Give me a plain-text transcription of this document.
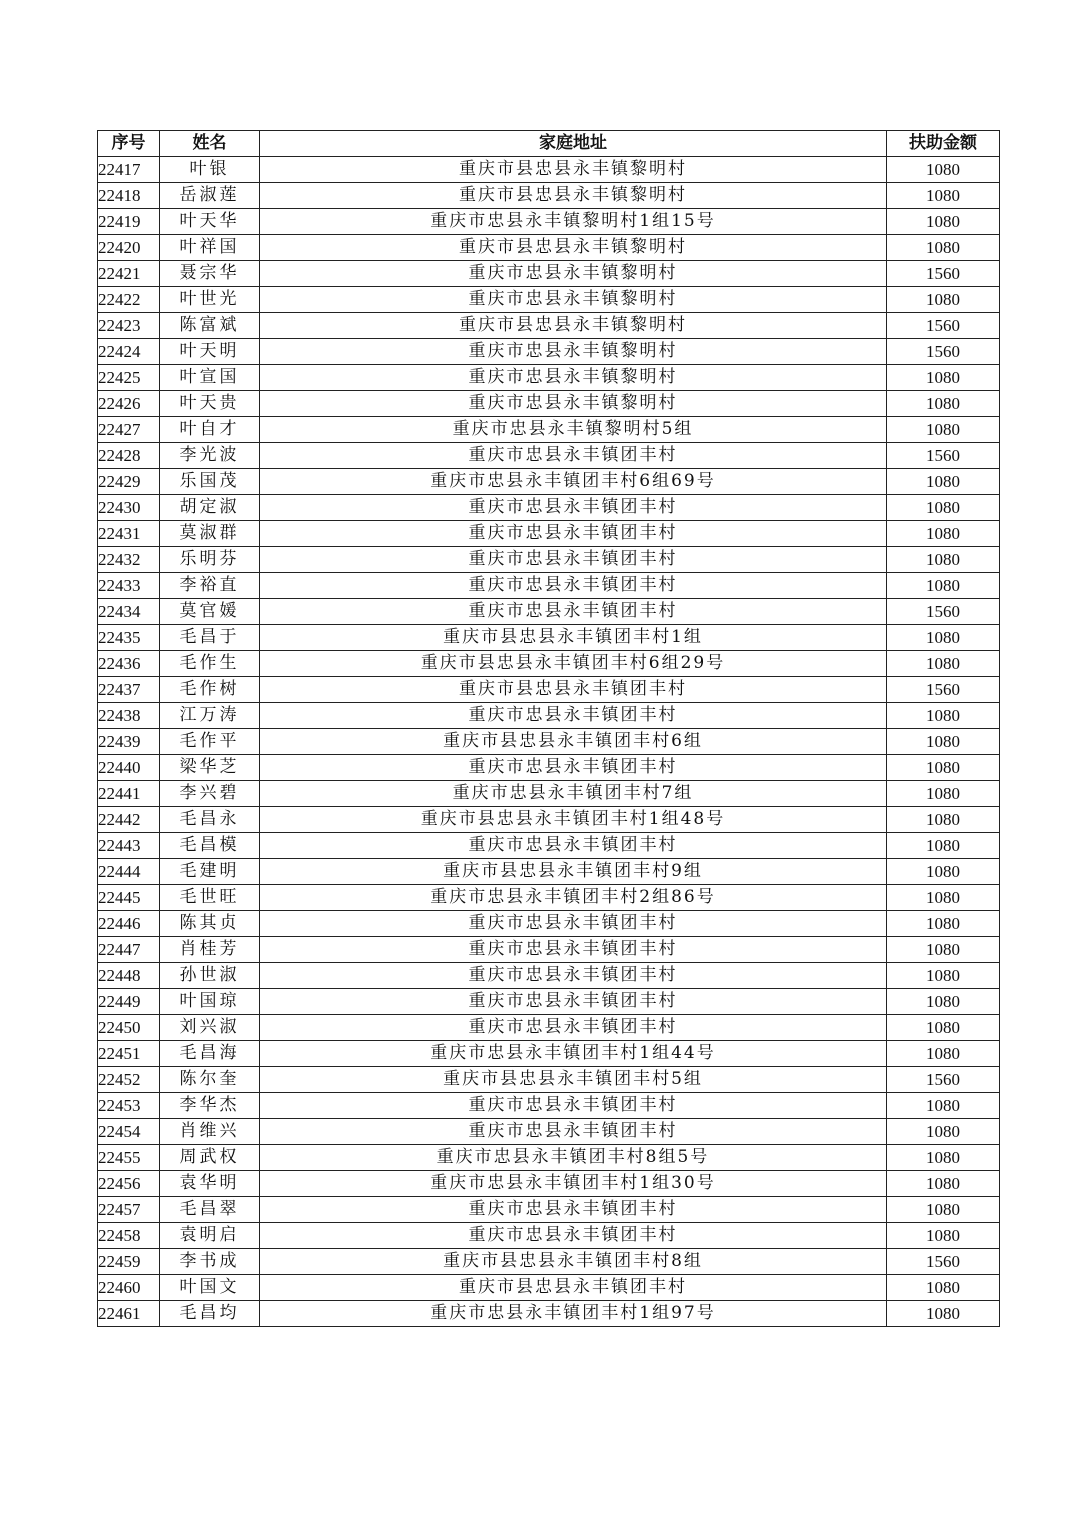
序号	姓名	家庭地址	扶助金额
22417	叶银	重庆市县忠县永丰镇黎明村	1080
22418	岳淑莲	重庆市县忠县永丰镇黎明村	1080
22419	叶天华	重庆市忠县永丰镇黎明村1组15号	1080
22420	叶祥国	重庆市县忠县永丰镇黎明村	1080
22421	聂宗华	重庆市忠县永丰镇黎明村	1560
22422	叶世光	重庆市忠县永丰镇黎明村	1080
22423	陈富斌	重庆市县忠县永丰镇黎明村	1560
22424	叶天明	重庆市忠县永丰镇黎明村	1560
22425	叶宣国	重庆市忠县永丰镇黎明村	1080
22426	叶天贵	重庆市忠县永丰镇黎明村	1080
22427	叶自才	重庆市忠县永丰镇黎明村5组	1080
22428	李光波	重庆市忠县永丰镇团丰村	1560
22429	乐国茂	重庆市忠县永丰镇团丰村6组69号	1080
22430	胡定淑	重庆市忠县永丰镇团丰村	1080
22431	莫淑群	重庆市忠县永丰镇团丰村	1080
22432	乐明芬	重庆市忠县永丰镇团丰村	1080
22433	李裕直	重庆市忠县永丰镇团丰村	1080
22434	莫官媛	重庆市忠县永丰镇团丰村	1560
22435	毛昌于	重庆市县忠县永丰镇团丰村1组	1080
22436	毛作生	重庆市县忠县永丰镇团丰村6组29号	1080
22437	毛作树	重庆市县忠县永丰镇团丰村	1560
22438	江万涛	重庆市忠县永丰镇团丰村	1080
22439	毛作平	重庆市县忠县永丰镇团丰村6组	1080
22440	梁华芝	重庆市忠县永丰镇团丰村	1080
22441	李兴碧	重庆市忠县永丰镇团丰村7组	1080
22442	毛昌永	重庆市县忠县永丰镇团丰村1组48号	1080
22443	毛昌模	重庆市忠县永丰镇团丰村	1080
22444	毛建明	重庆市县忠县永丰镇团丰村9组	1080
22445	毛世旺	重庆市忠县永丰镇团丰村2组86号	1080
22446	陈其贞	重庆市忠县永丰镇团丰村	1080
22447	肖桂芳	重庆市忠县永丰镇团丰村	1080
22448	孙世淑	重庆市忠县永丰镇团丰村	1080
22449	叶国琼	重庆市忠县永丰镇团丰村	1080
22450	刘兴淑	重庆市忠县永丰镇团丰村	1080
22451	毛昌海	重庆市忠县永丰镇团丰村1组44号	1080
22452	陈尔奎	重庆市县忠县永丰镇团丰村5组	1560
22453	李华杰	重庆市忠县永丰镇团丰村	1080
22454	肖维兴	重庆市忠县永丰镇团丰村	1080
22455	周武权	重庆市忠县永丰镇团丰村8组5号	1080
22456	袁华明	重庆市忠县永丰镇团丰村1组30号	1080
22457	毛昌翠	重庆市忠县永丰镇团丰村	1080
22458	袁明启	重庆市忠县永丰镇团丰村	1080
22459	李书成	重庆市县忠县永丰镇团丰村8组	1560
22460	叶国文	重庆市县忠县永丰镇团丰村	1080
22461	毛昌均	重庆市忠县永丰镇团丰村1组97号	1080
